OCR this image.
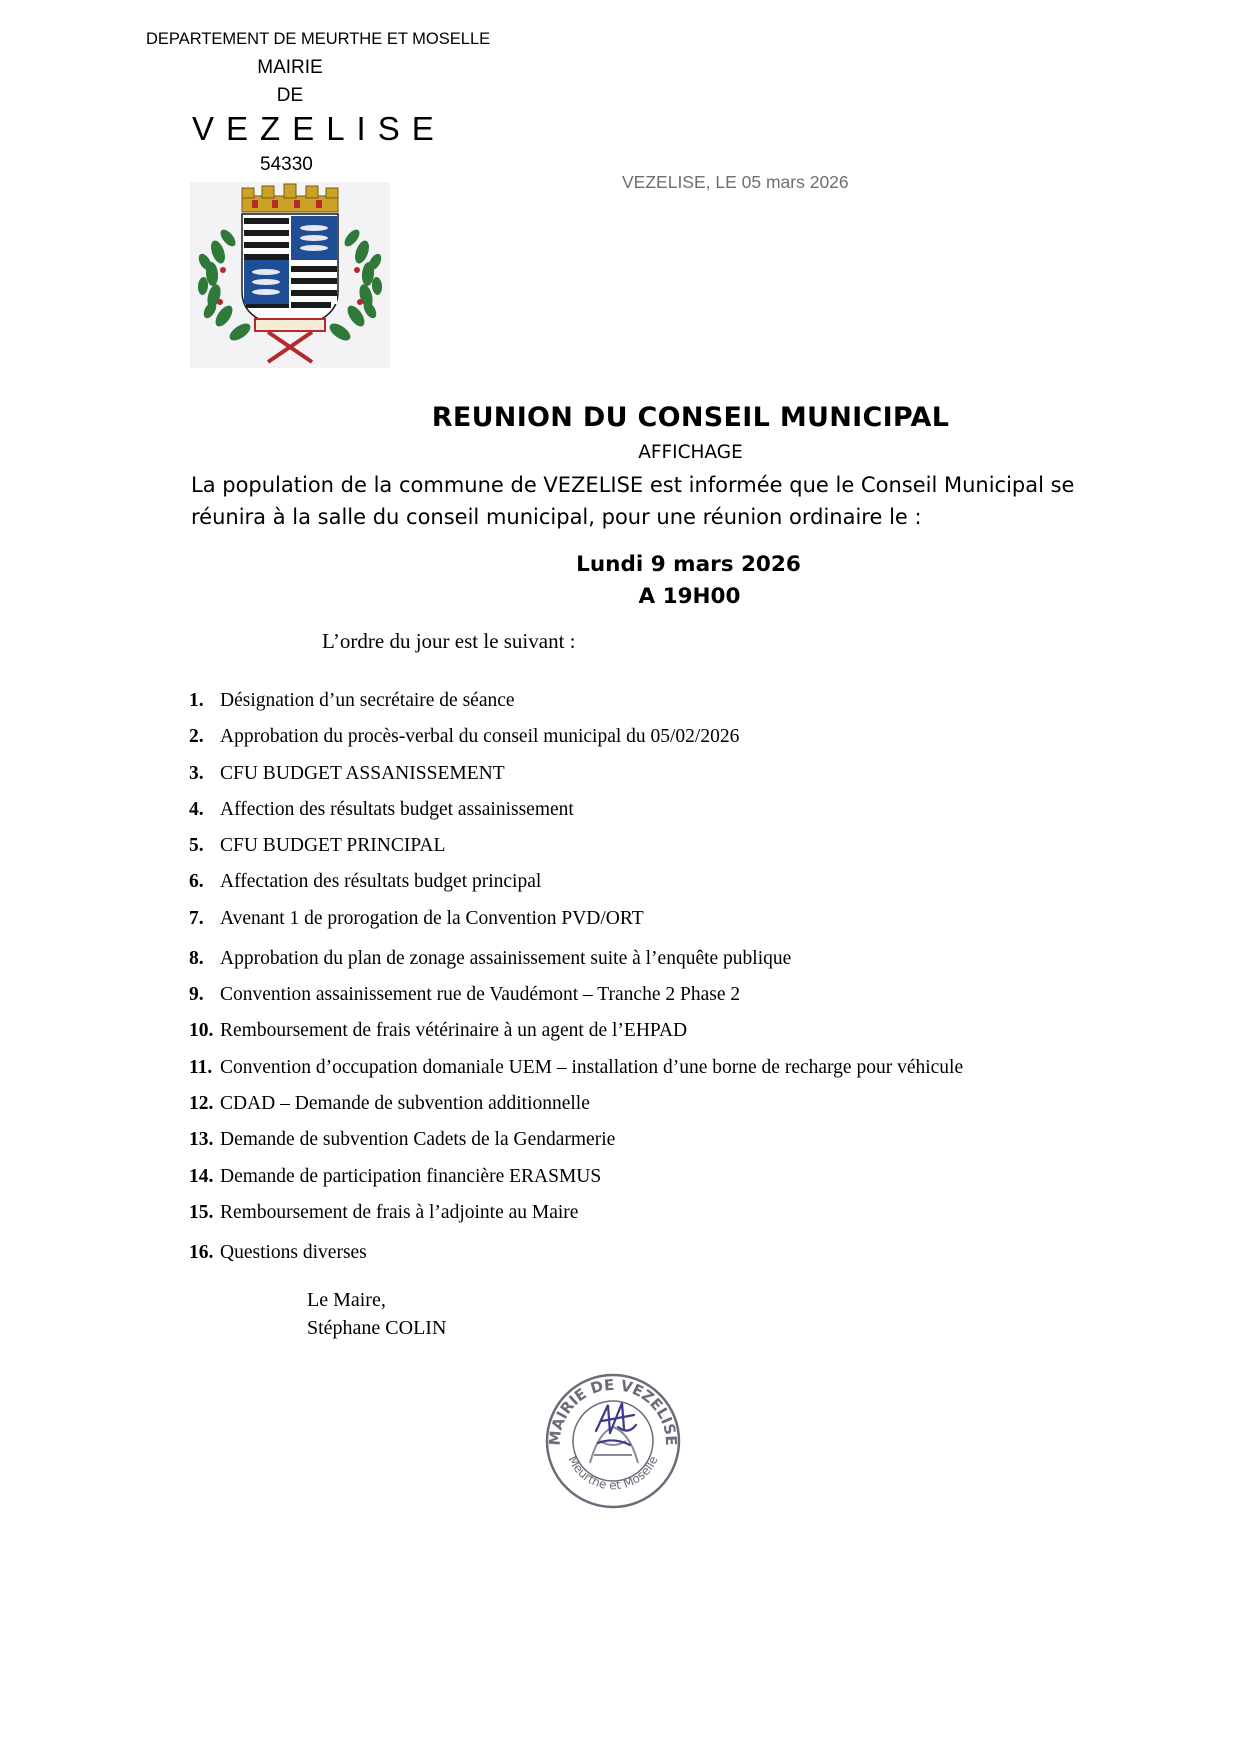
DEPARTEMENT DE MEURTHE ET MOSELLE
MAIRIE
DE
VEZELISE
54330
VEZELISE, LE 05 mars 2026
REUNION DU CONSEIL MUNICIPAL
AFFICHAGE
La population de la commune de VEZELISE est informée que le Conseil Municipal se réunira à la salle du conseil municipal, pour une réunion ordinaire le :
Lundi 9 mars 2026
A 19H00
L’ordre du jour est le suivant :
1. Désignation d’un secrétaire de séance
2. Approbation du procès-verbal du conseil municipal du 05/02/2026
3. CFU BUDGET ASSANISSEMENT
4. Affection des résultats budget assainissement
5. CFU BUDGET PRINCIPAL
6. Affectation des résultats budget principal
7. Avenant 1 de prorogation de la Convention PVD/ORT
8. Approbation du plan de zonage assainissement suite à l’enquête publique
9. Convention assainissement rue de Vaudémont – Tranche 2 Phase 2
10. Remboursement de frais vétérinaire à un agent de l’EHPAD
11. Convention d’occupation domaniale UEM – installation d’une borne de recharge pour véhicule
12. CDAD – Demande de subvention additionnelle
13. Demande de subvention Cadets de la Gendarmerie
14. Demande de participation financière ERASMUS
15. Remboursement de frais à l’adjointe au Maire
16. Questions diverses
Le Maire,
Stéphane COLIN
MAIRIE DE VEZELISE
Meurthe et Moselle
